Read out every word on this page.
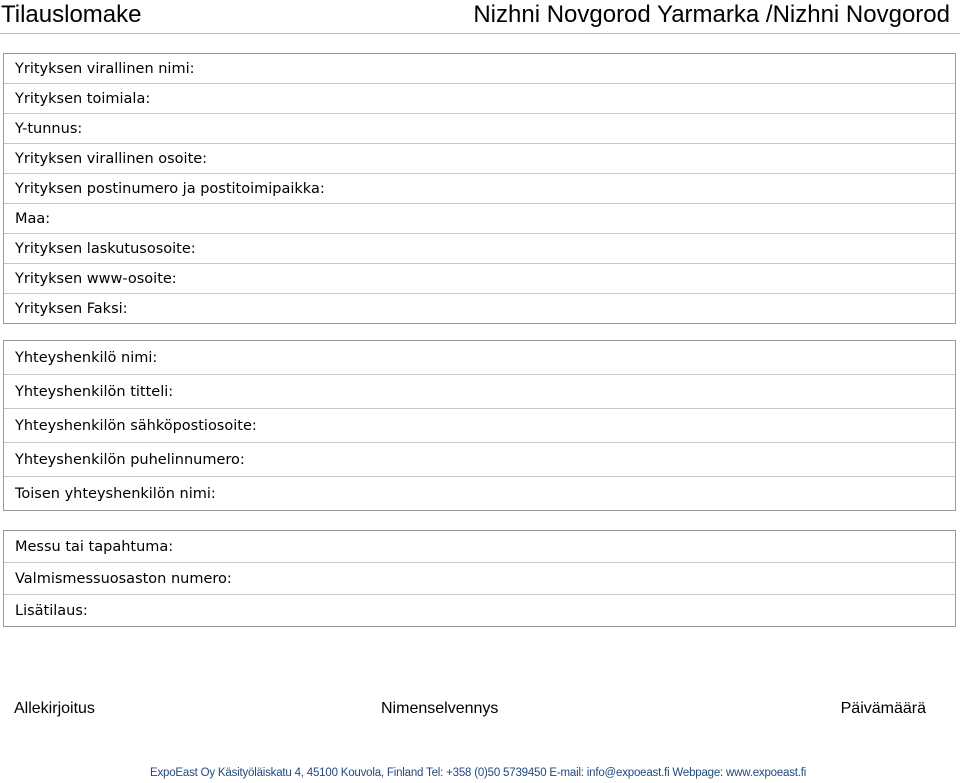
Tilauslomake	Nizhni Novgorod Yarmarka /Nizhni Novgorod
Yrityksen virallinen nimi:
Yrityksen toimiala:
Y-tunnus:
Yrityksen virallinen osoite:
Yrityksen postinumero ja postitoimipaikka:
Maa:
Yrityksen laskutusosoite:
Yrityksen www-osoite:
Yrityksen Faksi:
Yhteyshenkilö nimi:
Yhteyshenkilön titteli:
Yhteyshenkilön sähköpostiosoite:
Yhteyshenkilön puhelinnumero:
Toisen yhteyshenkilön nimi:
Messu tai tapahtuma:
Valmismessuosaston numero:
Lisätilaus:
Allekirjoitus	Nimenselvennys	Päivämäärä
ExpoEast Oy Käsityöläiskatu 4, 45100 Kouvola, Finland Tel: +358 (0)50 5739450 E-mail: info@expoeast.fi Webpage: www.expoeast.fi
